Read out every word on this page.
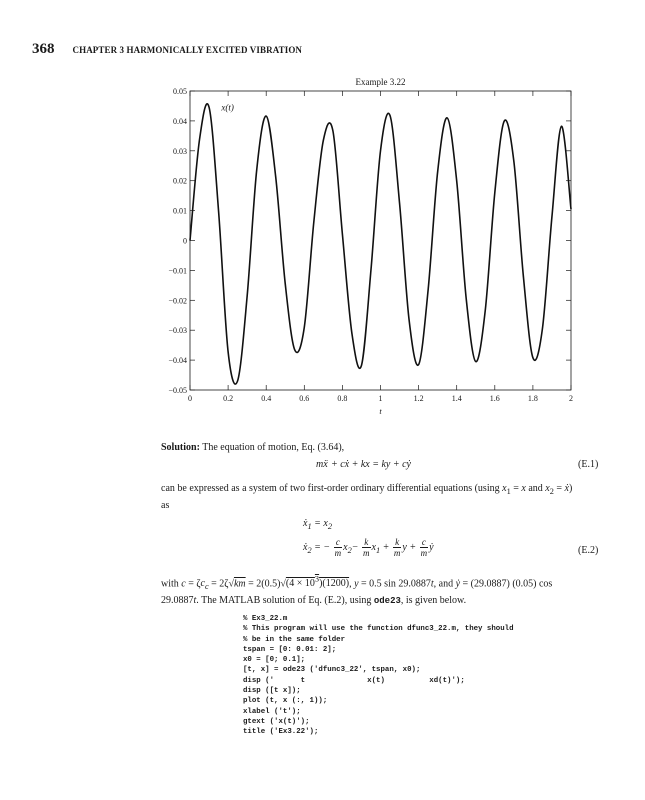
368 CHAPTER 3 HARMONICALLY EXCITED VIBRATION
0.05
0.04
0.03
0.02
0.01
0
−0.01
−0.02
−0.03
−0.04
−0.05
0	0.2	0.4	0.6	0.8	1	1.2	1.4	1.6	1.8	2
Example 3.22
t
x(t)
Solution: The equation of motion, Eq. (3.64),
mẍ  + cẋ + kx = ky + cẏ	(E.1)
can be expressed as a system of two first-order ordinary differential equations (using $x_1 = x$ and $x_2$ = ẋ) as
ẋ$_1$ = $x_2$
ẋ$_2$ = − $\frac{c}{m} x_2- \frac{k}{m} x_1 + \frac{k}{m}$ $y + \frac{c}{m}$ ẏ	(E.2)
with $c = \zeta c_c = 2\zeta√km = 2(0.5)√(4 \times 10^3)(1200)$, y = 0.5 sin 29.0887t, and ẏ = (29.0887) (0.05) cos 29.0887t. The MATLAB solution of Eq. (E.2), using ode23, is given below.
% Ex3_22.m
% This program will use the function dfunc3_22.m, they should
% be in the same folder
tspan = [0: 0.01: 2];
x0 = [0; 0.1];
[t, x] = ode23 ('dfunc3_22', tspan, x0);
disp ('      t              x(t)          xd(t)');
disp ([t x]);
plot (t, x (:, 1));
xlabel ('t');
gtext ('x(t)');
title ('Ex3.22');
